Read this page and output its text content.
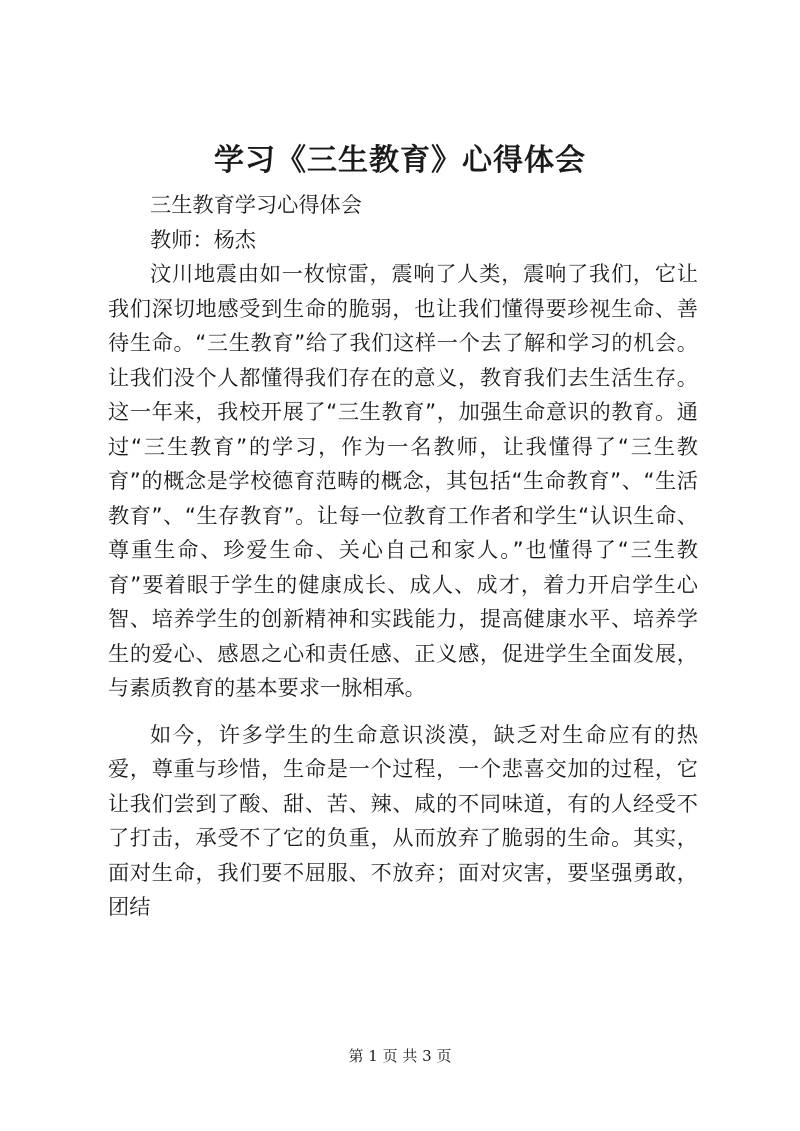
学习《三生教育》心得体会

三生教育学习心得体会

教师：杨杰

汶川地震由如一枚惊雷，震响了人类，震响了我们，它让我们深切地感受到生命的脆弱，也让我们懂得要珍视生命、善待生命。“三生教育”给了我们这样一个去了解和学习的机会。让我们没个人都懂得我们存在的意义，教育我们去生活生存。这一年来，我校开展了“三生教育”，加强生命意识的教育。通过“三生教育”的学习，作为一名教师，让我懂得了“三生教育”的概念是学校德育范畴的概念，其包括“生命教育”、“生活教育”、“生存教育”。让每一位教育工作者和学生“认识生命、尊重生命、珍爱生命、关心自己和家人。”也懂得了“三生教育”要着眼于学生的健康成长、成人、成才，着力开启学生心智、培养学生的创新精神和实践能力，提高健康水平、培养学生的爱心、感恩之心和责任感、正义感，促进学生全面发展，与素质教育的基本要求一脉相承。

如今，许多学生的生命意识淡漠，缺乏对生命应有的热爱，尊重与珍惜，生命是一个过程，一个悲喜交加的过程，它让我们尝到了酸、甜、苦、辣、咸的不同味道，有的人经受不了打击，承受不了它的负重，从而放弃了脆弱的生命。其实，面对生命，我们要不屈服、不放弃；面对灾害，要坚强勇敢，团结

第 1 页 共 3 页
